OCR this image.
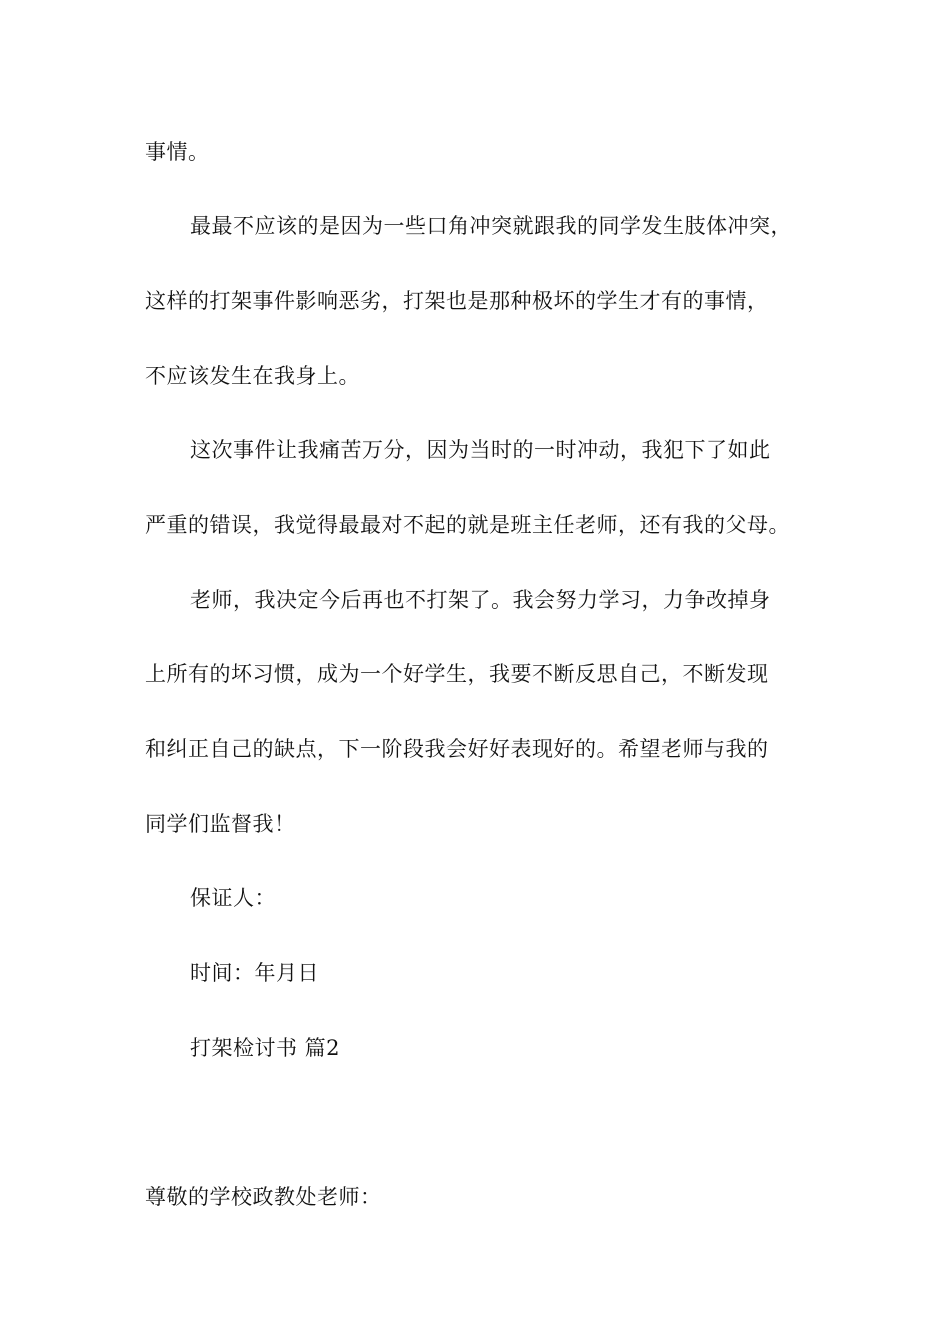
事情。
最最不应该的是因为一些口角冲突就跟我的同学发生肢体冲突，
这样的打架事件影响恶劣，打架也是那种极坏的学生才有的事情，
不应该发生在我身上。
这次事件让我痛苦万分，因为当时的一时冲动，我犯下了如此
严重的错误，我觉得最最对不起的就是班主任老师，还有我的父母。
老师，我决定今后再也不打架了。我会努力学习，力争改掉身
上所有的坏习惯，成为一个好学生，我要不断反思自己，不断发现
和纠正自己的缺点，下一阶段我会好好表现好的。希望老师与我的
同学们监督我！
保证人：
时间：年月日
打架检讨书 篇2
尊敬的学校政教处老师：
